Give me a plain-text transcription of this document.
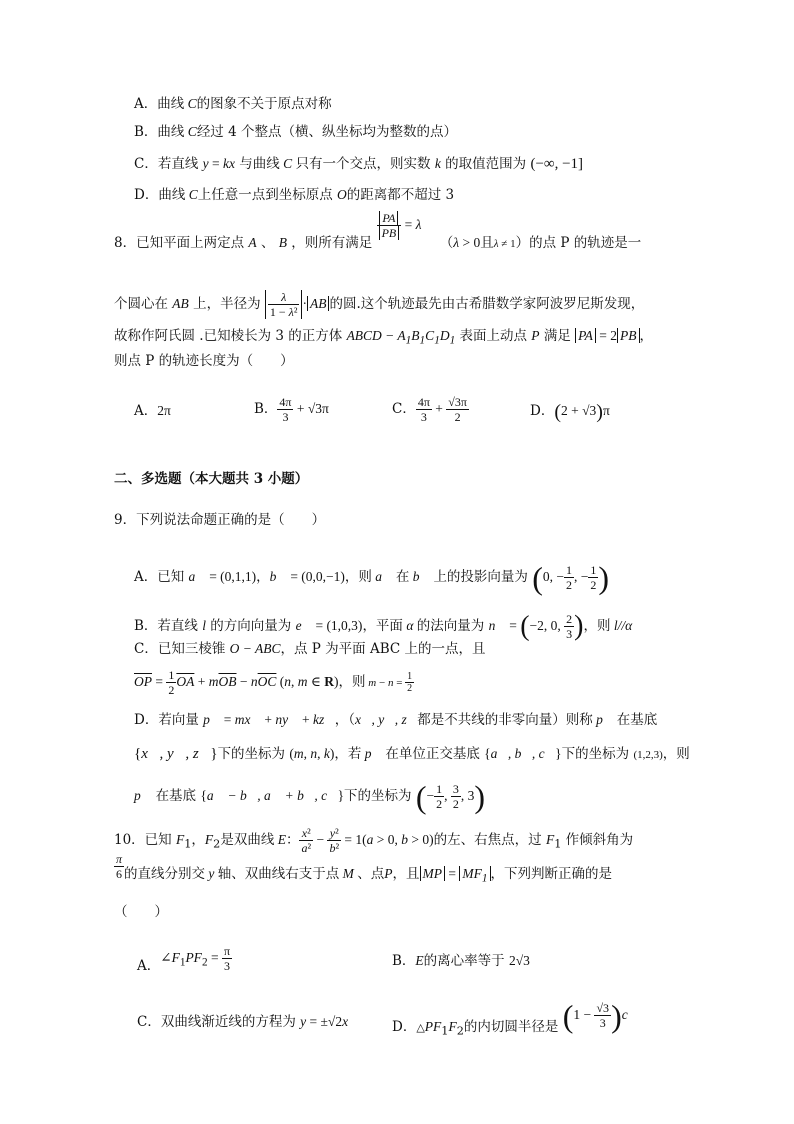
A．曲线 C的图象不关于原点对称
B．曲线 C经过 4 个整点（横、纵坐标均为整数的点）
C．若直线 y = kx 与曲线 C 只有一个交点，则实数 k 的取值范围为 (−∞, −1]
D．曲线 C上任意一点到坐标原点 O的距离都不超过 3
8．已知平面上两定点 A 、 B ，则所有满足
$\frac{PA}{PB} = \lambda$ （λ > 0且λ ≠ 1）的点 P 的轨迹是一
个圆心在 AB 上，半径为 $\frac{\lambda}{\text{1 − λ²}}$ · AB 的圆.这个轨迹最先由古希腊数学家阿波罗尼斯发现，
故称作阿氏圆 .已知棱长为 3 的正方体 ABCD − $A_1B_1C_1D_1$ 表面上动点 P 满足 PA = 2 PB ，
则点 P 的轨迹长度为（　　）
A．2π	B． $\frac{4\pi}{3} + √3\pi$	C． $\frac{4\pi}{3} + \frac{√3\pi}{2}$	D．(2 + √3)π
二、多选题（本大题共 3 小题）
9．下列说法命题正确的是（　　）
A．已知 a⃗ = (0,1,1)，b⃗ = (0,0,−1)，则 a⃗ 在 b⃗ 上的投影向量为 (0, − $\frac{1}{2}$ , − $\frac{1}{2}$ )
B．若直线 l 的方向向量为 e⃗ = (1,0,3)，平面 α 的法向量为 n⃗ = (−2, 0, $\frac{2}{3}$ )，则 l//α
C．已知三棱锥 O − ABC，点 P 为平面 ABC 上的一点，且
$\overline{OP} = \frac{1}{2} \overline{OA} + m\overline{OB} - n\overline{OC}$ (n, m ∈ R)，则 $m - n = \frac{1}{2}$
D．若向量 p⃗ = mx⃗ + ny⃗ + kz⃗，（x⃗, y⃗, z⃗都是不共线的非零向量）则称 p⃗ 在基底
{x⃗, y⃗, z⃗}下的坐标为 (m, n, k)，若 p⃗ 在单位正交基底 {a⃗, b⃗, c⃗}下的坐标为 (1,2,3)，则
p⃗ 在基底 {a⃗ − b⃗, a⃗ + b⃗, c⃗}下的坐标为 (− $\frac{1}{2}$ , $\frac{3}{2}$ , 3)
10．已知 $F_1$，$F_2$是双曲线 E： $\frac{\text{x²}}{\text{a²}} - \frac{\text{y²}}{\text{b²}} = 1(a > 0$, b > 0)的左、右焦点，过 $F_1$ 作倾斜角为
$\frac{\pi}{6}$ 的直线分别交 y 轴、双曲线右支于点 M 、点P，且 MP = $MF_1$ ，下列判断正确的是
（　　）
A．$\angle F_1PF_2 = \frac{\pi}{3}$	B．E的离心率等于 2√3
C．双曲线渐近线的方程为 y = ±√2x	D．$\triangle PF_1F_2$的内切圆半径是 $(1 - \frac{√3}{3} )c$
